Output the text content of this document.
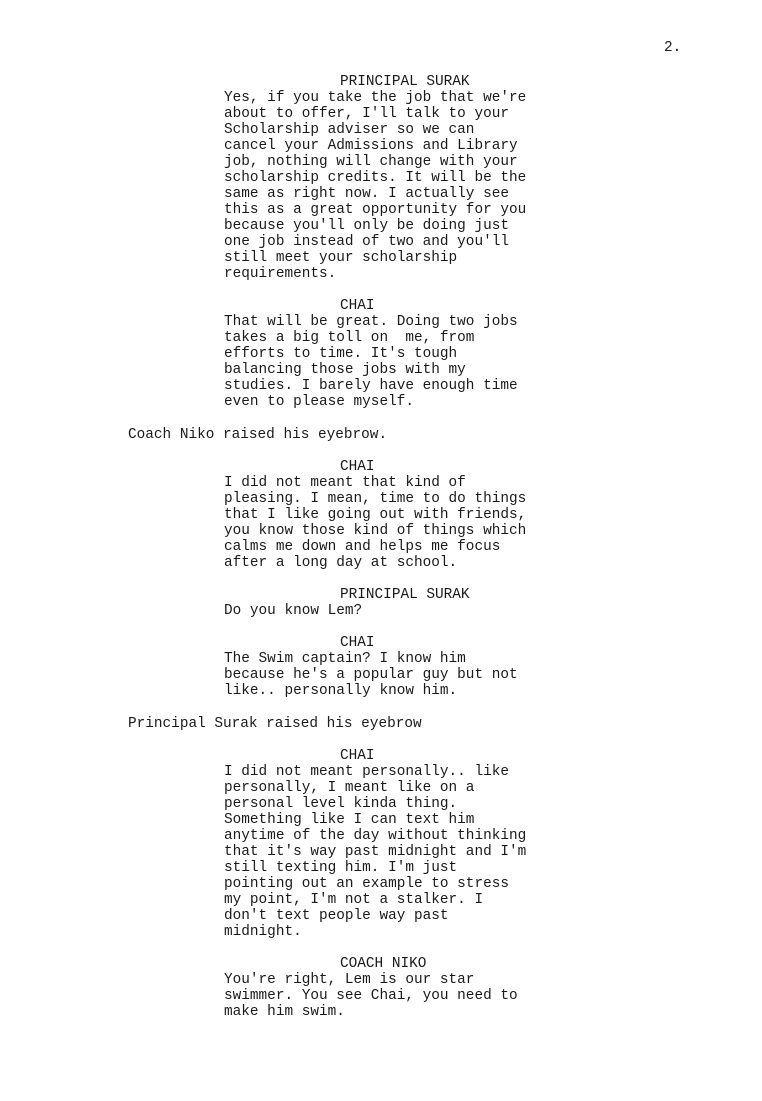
2.
PRINCIPAL SURAK
Yes, if you take the job that we're
about to offer, I'll talk to your
Scholarship adviser so we can
cancel your Admissions and Library
job, nothing will change with your
scholarship credits. It will be the
same as right now. I actually see
this as a great opportunity for you
because you'll only be doing just
one job instead of two and you'll
still meet your scholarship
requirements.
CHAI
That will be great. Doing two jobs
takes a big toll on  me, from
efforts to time. It's tough
balancing those jobs with my
studies. I barely have enough time
even to please myself.
Coach Niko raised his eyebrow.
CHAI
I did not meant that kind of
pleasing. I mean, time to do things
that I like going out with friends,
you know those kind of things which
calms me down and helps me focus
after a long day at school.
PRINCIPAL SURAK
Do you know Lem?
CHAI
The Swim captain? I know him
because he's a popular guy but not
like.. personally know him.
Principal Surak raised his eyebrow
CHAI
I did not meant personally.. like
personally, I meant like on a
personal level kinda thing.
Something like I can text him
anytime of the day without thinking
that it's way past midnight and I'm
still texting him. I'm just
pointing out an example to stress
my point, I'm not a stalker. I
don't text people way past
midnight.
COACH NIKO
You're right, Lem is our star
swimmer. You see Chai, you need to
make him swim.
